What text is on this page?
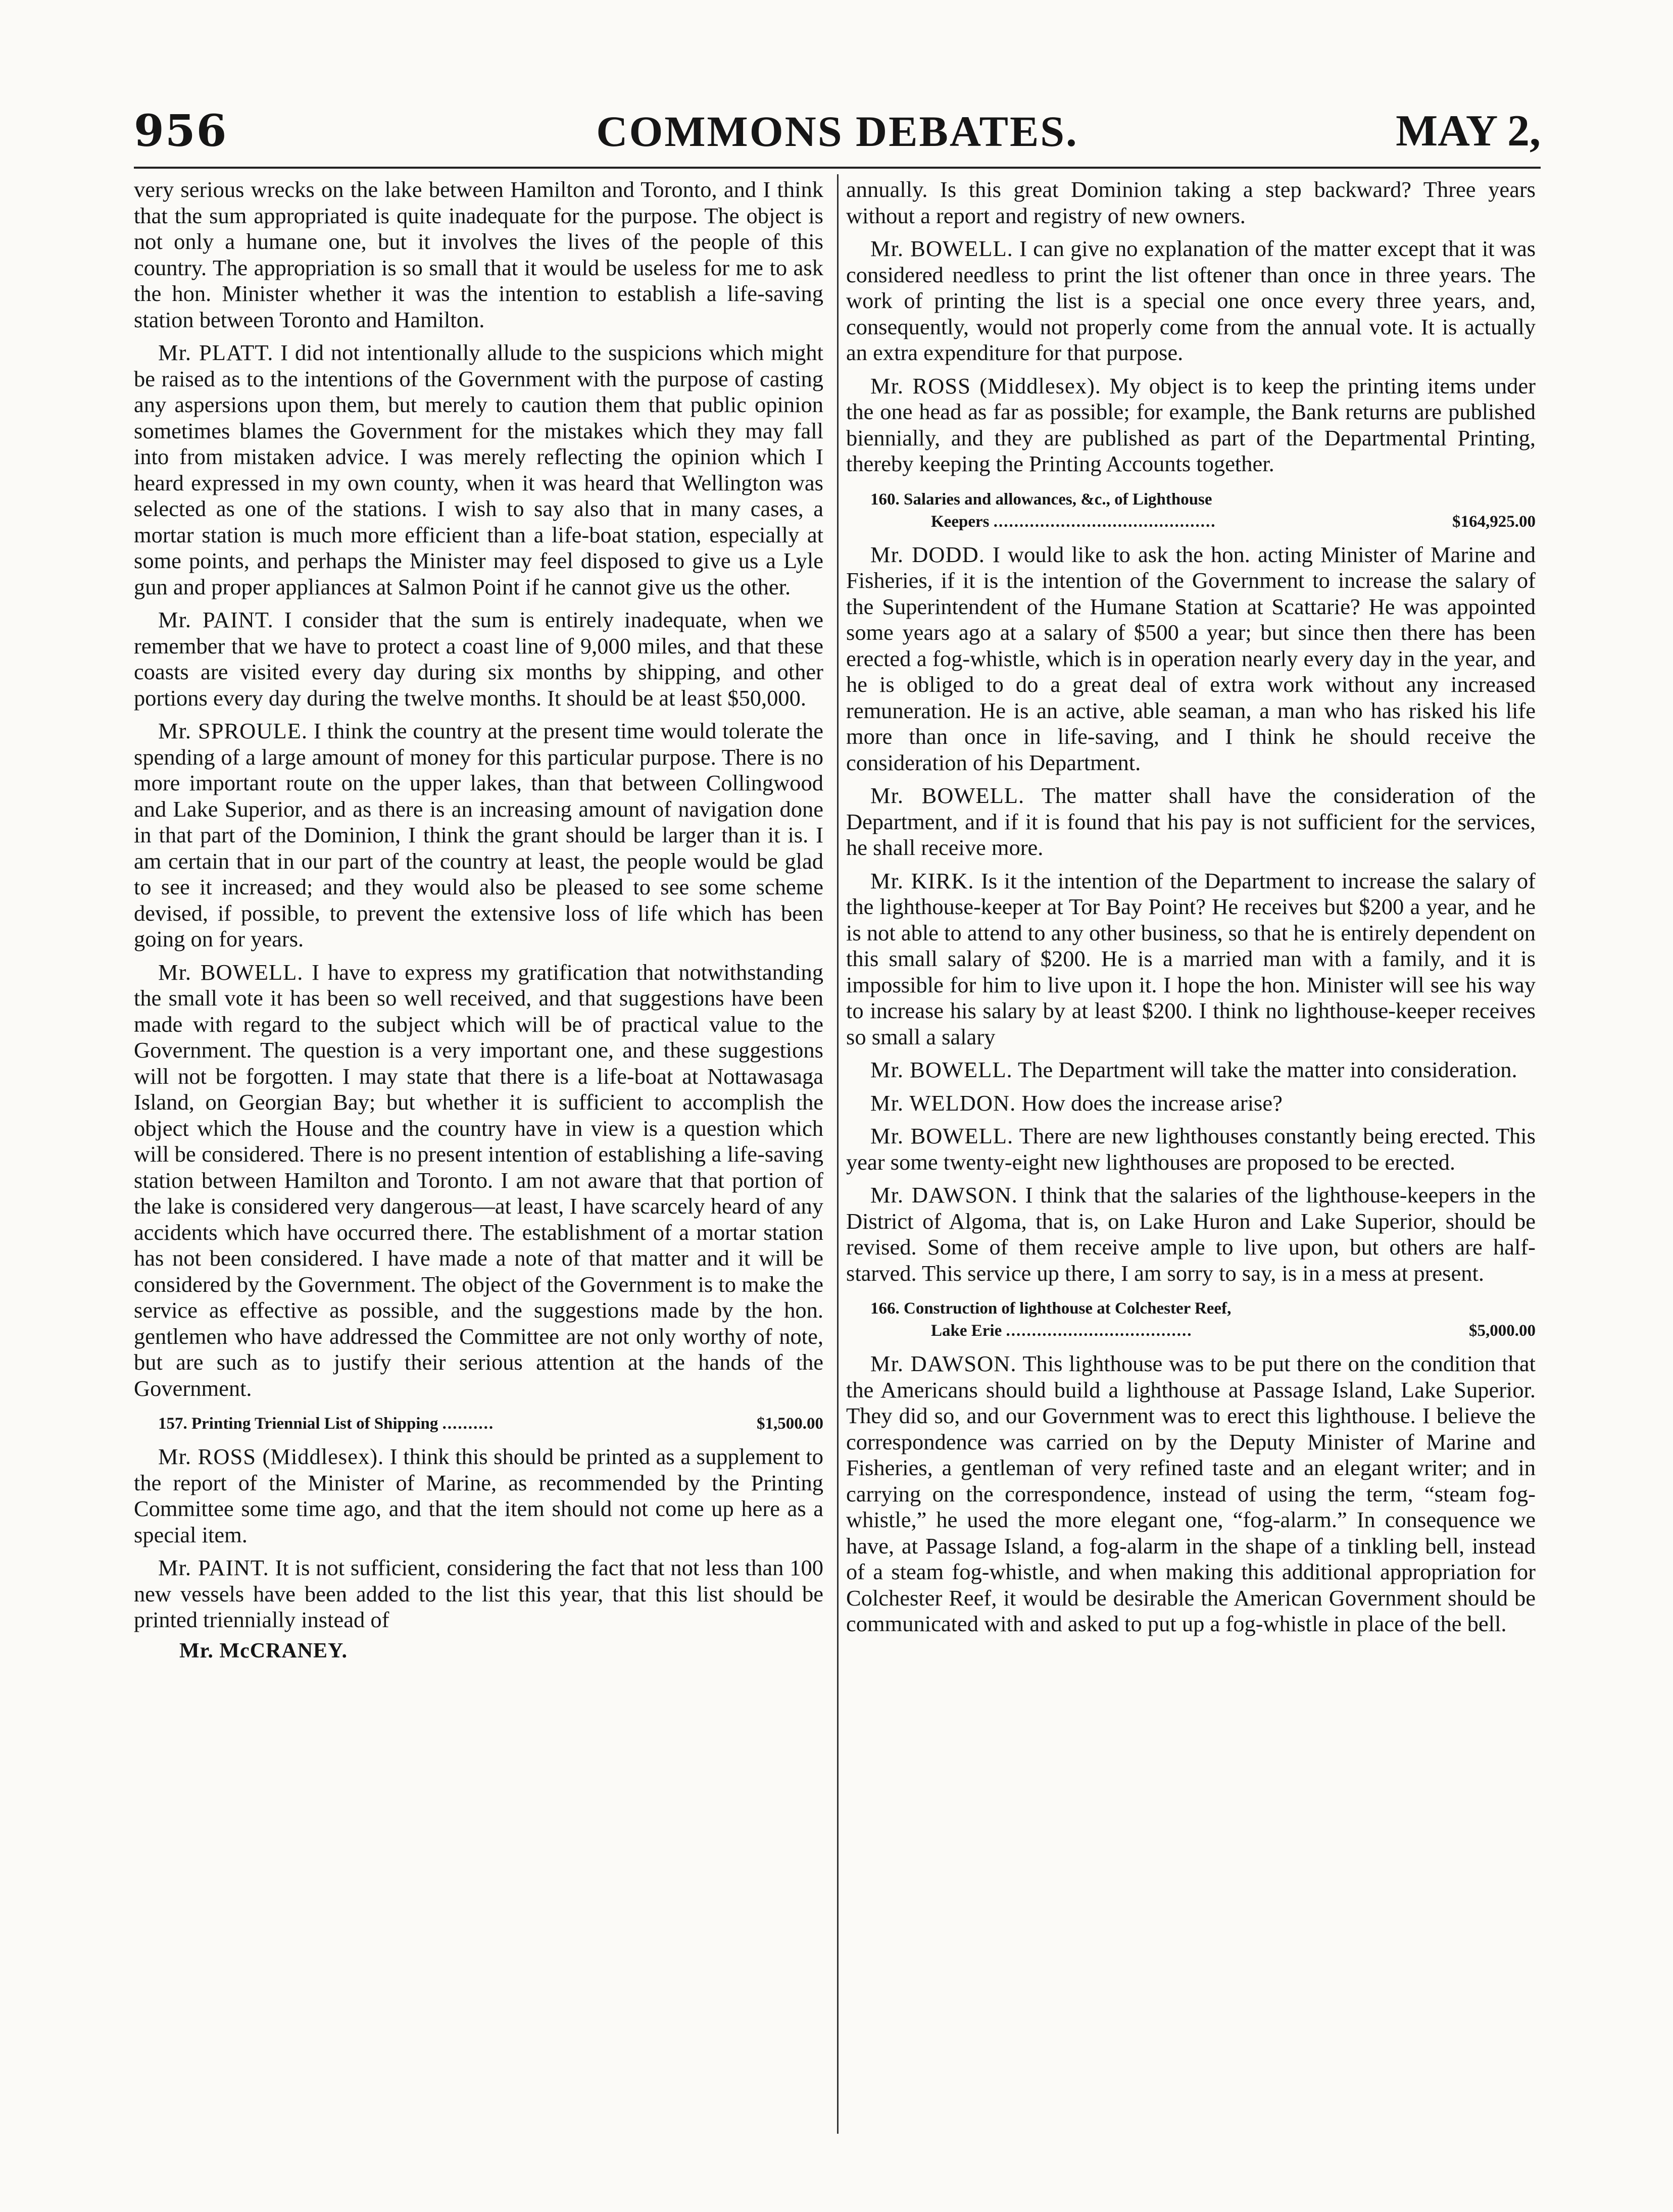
956	COMMONS DEBATES.	MAY 2,

very serious wrecks on the lake between Hamilton and Toronto, and I think that the sum appropriated is quite inadequate for the purpose. The object is not only a humane one, but it involves the lives of the people of this country. The appropriation is so small that it would be useless for me to ask the hon. Minister whether it was the intention to establish a life-saving station between Toronto and Hamilton.

Mr. PLATT. I did not intentionally allude to the suspicions which might be raised as to the intentions of the Government with the purpose of casting any aspersions upon them, but merely to caution them that public opinion sometimes blames the Government for the mistakes which they may fall into from mistaken advice. I was merely reflecting the opinion which I heard expressed in my own county, when it was heard that Wellington was selected as one of the stations. I wish to say also that in many cases, a mortar station is much more efficient than a life-boat station, especially at some points, and perhaps the Minister may feel disposed to give us a Lyle gun and proper appliances at Salmon Point if he cannot give us the other.

Mr. PAINT. I consider that the sum is entirely inadequate, when we remember that we have to protect a coast line of 9,000 miles, and that these coasts are visited every day during six months by shipping, and other portions every day during the twelve months. It should be at least $50,000.

Mr. SPROULE. I think the country at the present time would tolerate the spending of a large amount of money for this particular purpose. There is no more important route on the upper lakes, than that between Collingwood and Lake Superior, and as there is an increasing amount of navigation done in that part of the Dominion, I think the grant should be larger than it is. I am certain that in our part of the country at least, the people would be glad to see it increased; and they would also be pleased to see some scheme devised, if possible, to prevent the extensive loss of life which has been going on for years.

Mr. BOWELL. I have to express my gratification that notwithstanding the small vote it has been so well received, and that suggestions have been made with regard to the subject which will be of practical value to the Government. The question is a very important one, and these suggestions will not be forgotten. I may state that there is a life-boat at Nottawasaga Island, on Georgian Bay; but whether it is sufficient to accomplish the object which the House and the country have in view is a question which will be considered. There is no present intention of establishing a life-saving station between Hamilton and Toronto. I am not aware that that portion of the lake is considered very dangerous—at least, I have scarcely heard of any accidents which have occurred there. The establishment of a mortar station has not been considered. I have made a note of that matter and it will be considered by the Government. The object of the Government is to make the service as effective as possible, and the suggestions made by the hon. gentlemen who have addressed the Committee are not only worthy of note, but are such as to justify their serious attention at the hands of the Government.

157. Printing Triennial List of Shipping ..........	$1,500.00

Mr. ROSS (Middlesex). I think this should be printed as a supplement to the report of the Minister of Marine, as recommended by the Printing Committee some time ago, and that the item should not come up here as a special item.

Mr. PAINT. It is not sufficient, considering the fact that not less than 100 new vessels have been added to the list this year, that this list should be printed triennially instead of

Mr. McCRANEY.

annually. Is this great Dominion taking a step backward? Three years without a report and registry of new owners.

Mr. BOWELL. I can give no explanation of the matter except that it was considered needless to print the list oftener than once in three years. The work of printing the list is a special one once every three years, and, consequently, would not properly come from the annual vote. It is actually an extra expenditure for that purpose.

Mr. ROSS (Middlesex). My object is to keep the printing items under the one head as far as possible; for example, the Bank returns are published biennially, and they are published as part of the Departmental Printing, thereby keeping the Printing Accounts together.

160. Salaries and allowances, &c., of Lighthouse
Keepers ...........................................	$164,925.00

Mr. DODD. I would like to ask the hon. acting Minister of Marine and Fisheries, if it is the intention of the Government to increase the salary of the Superintendent of the Humane Station at Scattarie? He was appointed some years ago at a salary of $500 a year; but since then there has been erected a fog-whistle, which is in operation nearly every day in the year, and he is obliged to do a great deal of extra work without any increased remuneration. He is an active, able seaman, a man who has risked his life more than once in life-saving, and I think he should receive the consideration of his Department.

Mr. BOWELL. The matter shall have the consideration of the Department, and if it is found that his pay is not sufficient for the services, he shall receive more.

Mr. KIRK. Is it the intention of the Department to increase the salary of the lighthouse-keeper at Tor Bay Point? He receives but $200 a year, and he is not able to attend to any other business, so that he is entirely dependent on this small salary of $200. He is a married man with a family, and it is impossible for him to live upon it. I hope the hon. Minister will see his way to increase his salary by at least $200. I think no lighthouse-keeper receives so small a salary

Mr. BOWELL. The Department will take the matter into consideration.

Mr. WELDON. How does the increase arise?

Mr. BOWELL. There are new lighthouses constantly being erected. This year some twenty-eight new lighthouses are proposed to be erected.

Mr. DAWSON. I think that the salaries of the lighthouse-keepers in the District of Algoma, that is, on Lake Huron and Lake Superior, should be revised. Some of them receive ample to live upon, but others are half-starved. This service up there, I am sorry to say, is in a mess at present.

166. Construction of lighthouse at Colchester Reef,
Lake Erie ....................................	$5,000.00

Mr. DAWSON. This lighthouse was to be put there on the condition that the Americans should build a lighthouse at Passage Island, Lake Superior. They did so, and our Government was to erect this lighthouse. I believe the correspondence was carried on by the Deputy Minister of Marine and Fisheries, a gentleman of very refined taste and an elegant writer; and in carrying on the correspondence, instead of using the term, “steam fog-whistle,” he used the more elegant one, “fog-alarm.” In consequence we have, at Passage Island, a fog-alarm in the shape of a tinkling bell, instead of a steam fog-whistle, and when making this additional appropriation for Colchester Reef, it would be desirable the American Government should be communicated with and asked to put up a fog-whistle in place of the bell.
